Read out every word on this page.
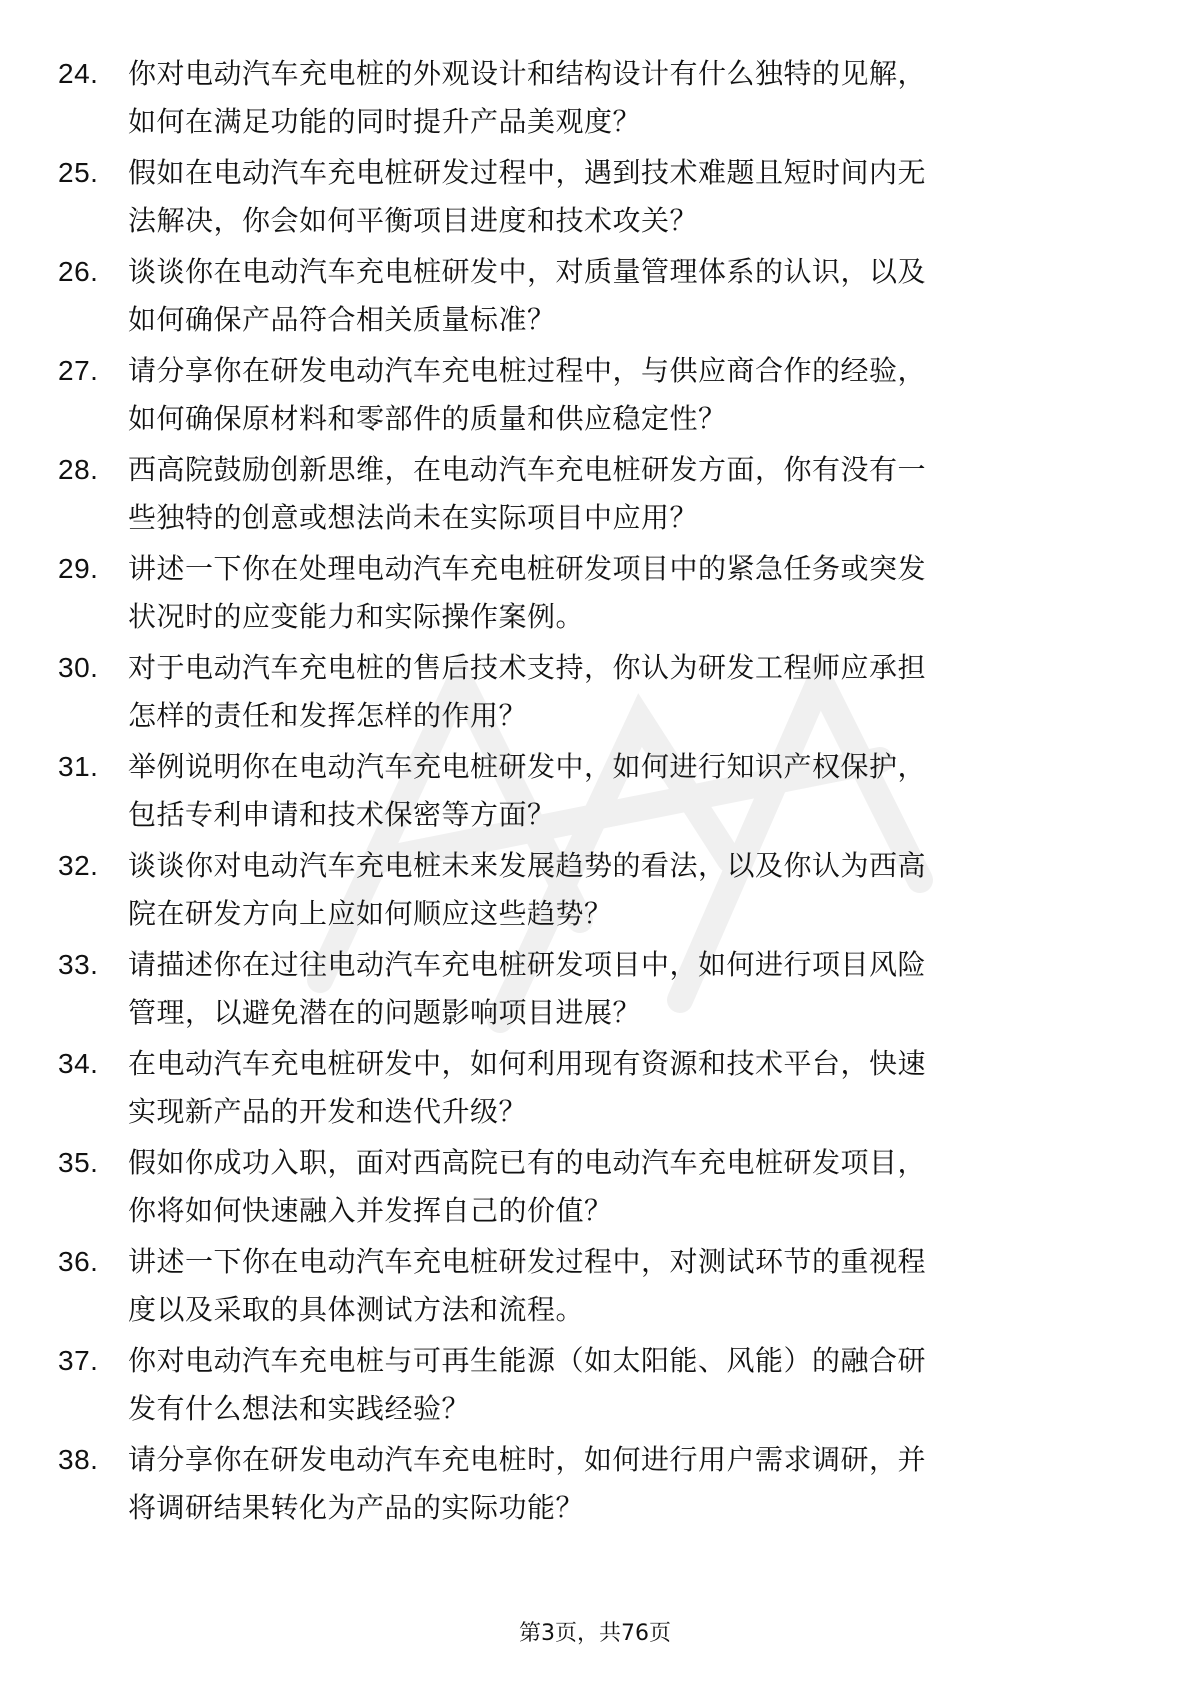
24.	你对电动汽车充电桩的外观设计和结构设计有什么独特的见解，
如何在满足功能的同时提升产品美观度？
25.	假如在电动汽车充电桩研发过程中，遇到技术难题且短时间内无
法解决，你会如何平衡项目进度和技术攻关？
26.	谈谈你在电动汽车充电桩研发中，对质量管理体系的认识，以及
如何确保产品符合相关质量标准？
27.	请分享你在研发电动汽车充电桩过程中，与供应商合作的经验，
如何确保原材料和零部件的质量和供应稳定性？
28.	西高院鼓励创新思维，在电动汽车充电桩研发方面，你有没有一
些独特的创意或想法尚未在实际项目中应用？
29.	讲述一下你在处理电动汽车充电桩研发项目中的紧急任务或突发
状况时的应变能力和实际操作案例。
30.	对于电动汽车充电桩的售后技术支持，你认为研发工程师应承担
怎样的责任和发挥怎样的作用？
31.	举例说明你在电动汽车充电桩研发中，如何进行知识产权保护，
包括专利申请和技术保密等方面？
32.	谈谈你对电动汽车充电桩未来发展趋势的看法，以及你认为西高
院在研发方向上应如何顺应这些趋势？
33.	请描述你在过往电动汽车充电桩研发项目中，如何进行项目风险
管理，以避免潜在的问题影响项目进展？
34.	在电动汽车充电桩研发中，如何利用现有资源和技术平台，快速
实现新产品的开发和迭代升级？
35.	假如你成功入职，面对西高院已有的电动汽车充电桩研发项目，
你将如何快速融入并发挥自己的价值？
36.	讲述一下你在电动汽车充电桩研发过程中，对测试环节的重视程
度以及采取的具体测试方法和流程。
37.	你对电动汽车充电桩与可再生能源（如太阳能、风能）的融合研
发有什么想法和实践经验？
38.	请分享你在研发电动汽车充电桩时，如何进行用户需求调研，并
将调研结果转化为产品的实际功能？
第3页，共76页
